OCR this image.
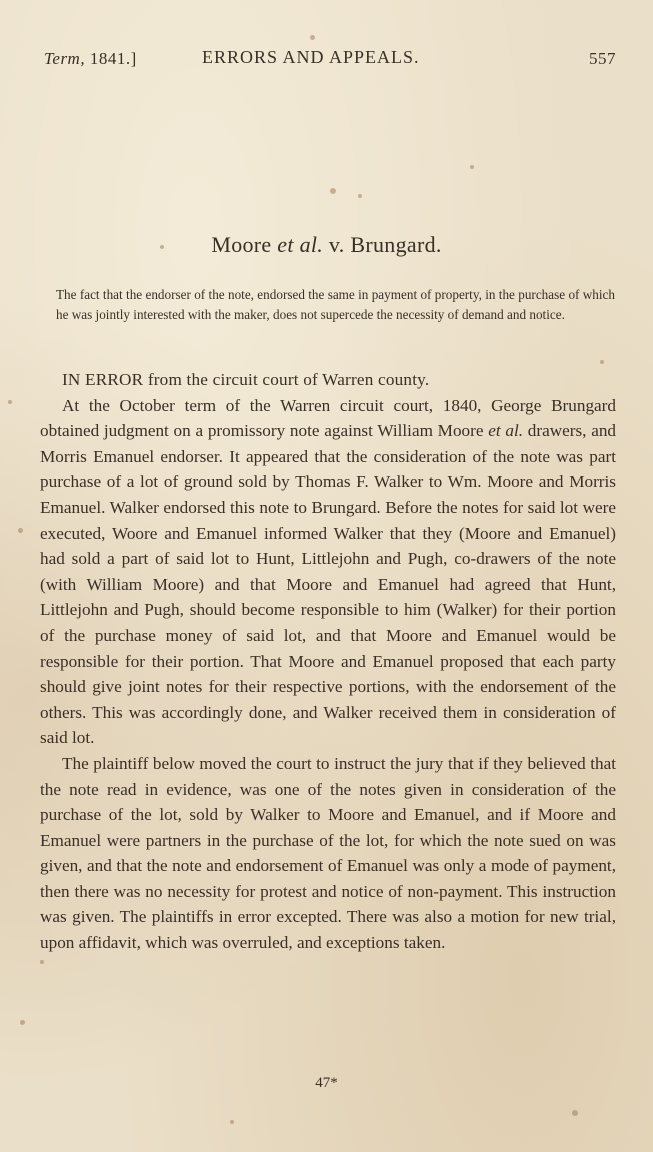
Term, 1841.]	ERRORS AND APPEALS.	557
Moore et al. v. Brungard.
The fact that the endorser of the note, endorsed the same in payment of property, in the purchase of which he was jointly interested with the maker, does not supercede the necessity of demand and notice.

IN ERROR from the circuit court of Warren county.

At the October term of the Warren circuit court, 1840, George Brungard obtained judgment on a promissory note against William Moore et al. drawers, and Morris Emanuel endorser. It appeared that the consideration of the note was part purchase of a lot of ground sold by Thomas F. Walker to Wm. Moore and Morris Emanuel. Walker endorsed this note to Brungard. Before the notes for said lot were executed, Woore and Emanuel informed Walker that they (Moore and Emanuel) had sold a part of said lot to Hunt, Littlejohn and Pugh, co-drawers of the note (with William Moore) and that Moore and Emanuel had agreed that Hunt, Littlejohn and Pugh, should become responsible to him (Walker) for their portion of the purchase money of said lot, and that Moore and Emanuel would be responsible for their portion. That Moore and Emanuel proposed that each party should give joint notes for their respective portions, with the endorsement of the others. This was accordingly done, and Walker received them in consideration of said lot.

The plaintiff below moved the court to instruct the jury that if they believed that the note read in evidence, was one of the notes given in consideration of the purchase of the lot, sold by Walker to Moore and Emanuel, and if Moore and Emanuel were partners in the purchase of the lot, for which the note sued on was given, and that the note and endorsement of Emanuel was only a mode of payment, then there was no necessity for protest and notice of non-payment. This instruction was given. The plaintiffs in error excepted. There was also a motion for new trial, upon affidavit, which was overruled, and exceptions taken.

47*
